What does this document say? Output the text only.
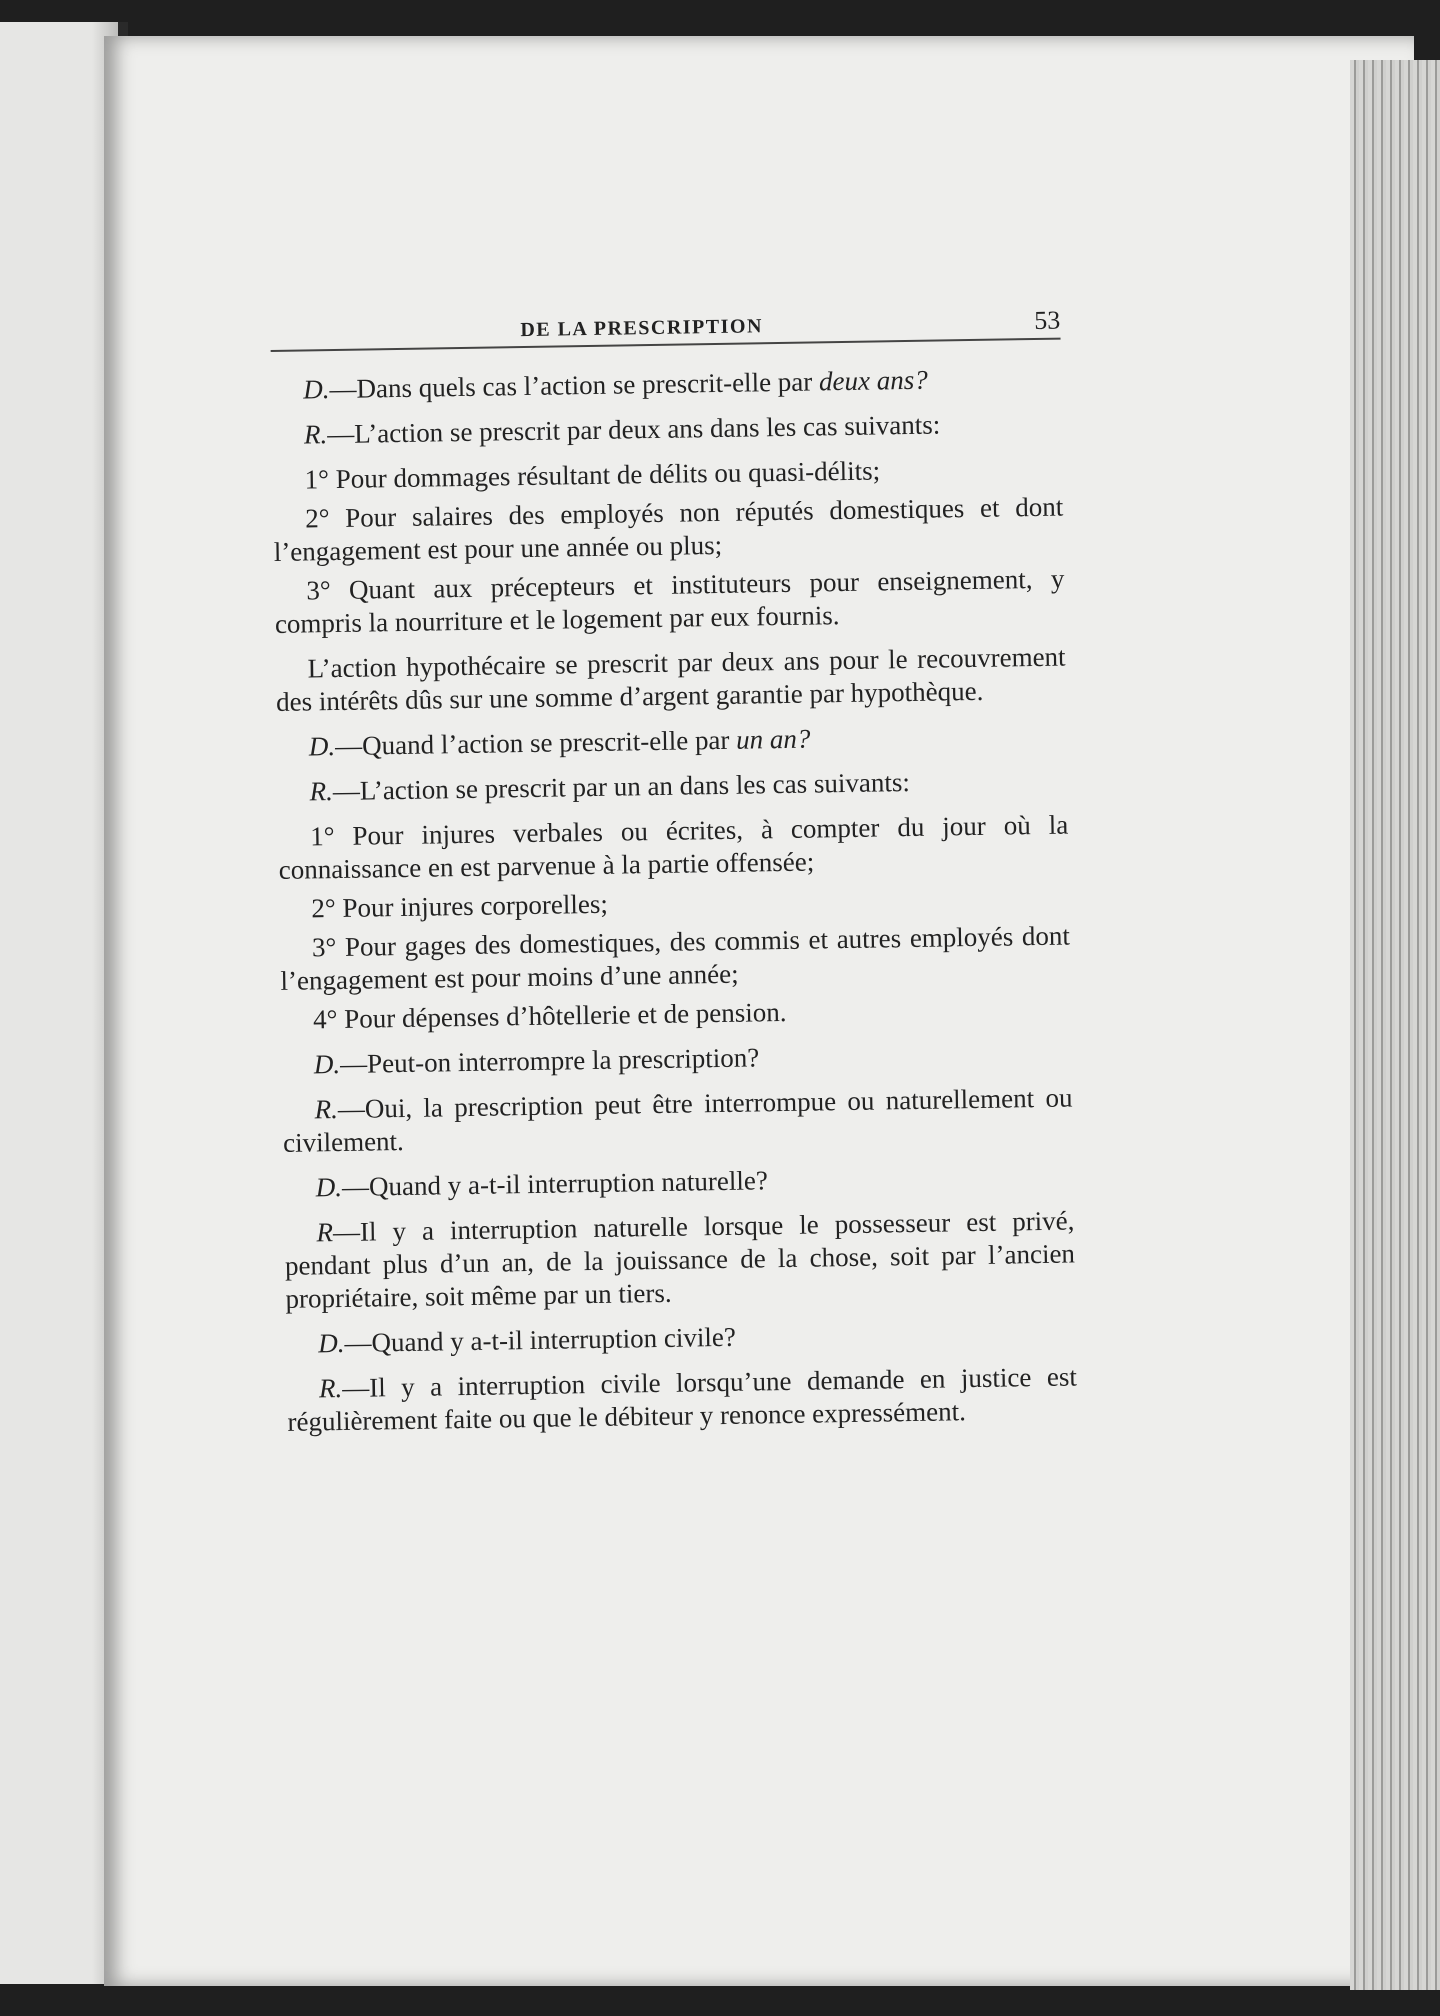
DE LA PRESCRIPTION	53

D.—Dans quels cas l’action se prescrit-elle par deux ans?

R.—L’action se prescrit par deux ans dans les cas suivants:

1° Pour dommages résultant de délits ou quasi-délits;

2° Pour salaires des employés non réputés domestiques et dont l’engagement est pour une année ou plus;

3° Quant aux précepteurs et instituteurs pour enseignement, y compris la nourriture et le logement par eux fournis.

L’action hypothécaire se prescrit par deux ans pour le recouvrement des intérêts dûs sur une somme d’argent garantie par hypothèque.

D.—Quand l’action se prescrit-elle par un an?

R.—L’action se prescrit par un an dans les cas suivants:

1° Pour injures verbales ou écrites, à compter du jour où la connaissance en est parvenue à la partie offensée;

2° Pour injures corporelles;

3° Pour gages des domestiques, des commis et autres employés dont l’engagement est pour moins d’une année;

4° Pour dépenses d’hôtellerie et de pension.

D.—Peut-on interrompre la prescription?

R.—Oui, la prescription peut être interrompue ou naturellement ou civilement.

D.—Quand y a-t-il interruption naturelle?

R—Il y a interruption naturelle lorsque le possesseur est privé, pendant plus d’un an, de la jouissance de la chose, soit par l’ancien propriétaire, soit même par un tiers.

D.—Quand y a-t-il interruption civile?

R.—Il y a interruption civile lorsqu’une demande en justice est régulièrement faite ou que le débiteur y renonce expressément.
